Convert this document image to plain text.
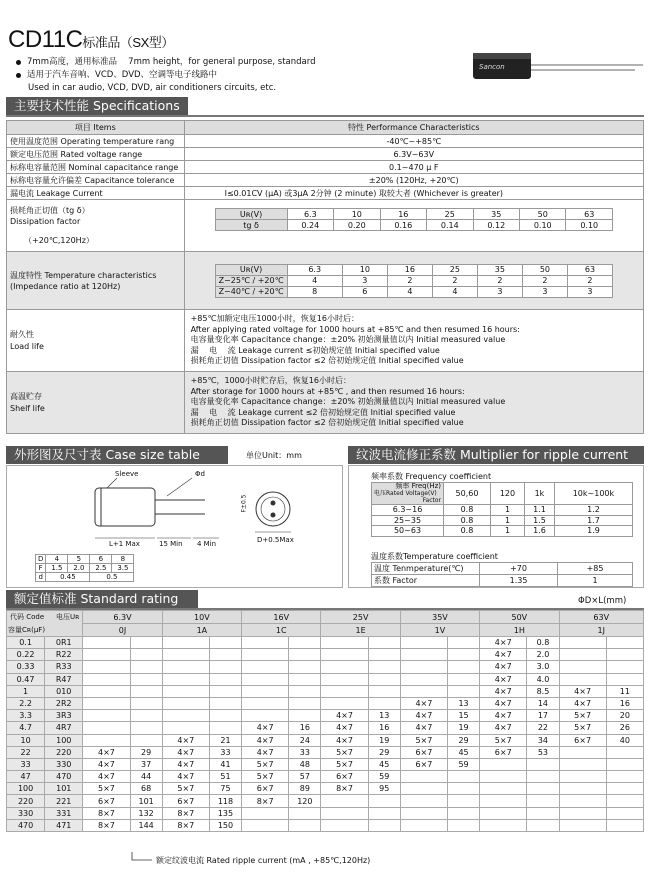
CD11C标准品（SX型）
7mm高度，通用标准品　 7mm height，for general purpose, standard
适用于汽车音响、VCD、DVD、空调等电子线路中
Used in car audio, VCD, DVD, air conditioners circuits, etc.
Sancon
主要技术性能 Specifications
项目 Items	特性 Performance Characteristics
使用温度范围 Operating temperature rang	-40℃~+85℃
额定电压范围 Rated voltage range	6.3V~63V
标称电容量范围 Nominal capacitance range	0.1~470 μ F
标称电容量允许偏差 Capacitance tolerance	±20% (120Hz, +20℃)
漏电流 Leakage Current	I≤0.01CV (μA) 或3μA 2分钟 (2 minute) 取较大者 (Whichever is greater)

损耗角正切值（tg δ）
Dissipation factor
（+20℃,120Hz）

Uʀ(V)	6.3	10	16	25	35	50	63
tg δ	0.24	0.20	0.16	0.14	0.12	0.10	0.10

温度特性 Temperature characteristics
(Impedance ratio at 120Hz)

Uʀ(V)	6.3	10	16	25	35	50	63
Z−25℃ / +20℃	4	3	2	2	2	2	2
Z−40℃ / +20℃	8	6	4	4	3	3	3

耐久性
Load life

+85℃加额定电压1000小时，恢复16小时后：
After applying rated voltage for 1000 hours at +85℃ and then resumed 16 hours:
电容量变化率 Capacitance change：±20% 初始测量值以内 Initial measured value
漏　 电　 流 Leakage current ≤初始规定值 Initial specified value
损耗角正切值 Dissipation factor ≤2 倍初始规定值 Initial specified value

高温贮存
Shelf life

+85℃，1000小时贮存后，恢复16小时后：
After storage for 1000 hours at +85℃ , and then resumed 16 hours:
电容量变化率 Capacitance change：±20% 初始测量值以内 Initial measured value
漏　 电　 流 Leakage current ≤2 倍初始规定值 Initial specified value
损耗角正切值 Dissipation factor ≤2 倍初始规定值 Initial specified value
外形图及尺寸表 Case size table	单位Unit：mm
Sleeve	Φd
L+1 Max	15 Min 4 Min	D+0.5Max
F±0.5
D	4	5	6	8
F	1.5	2.0	2.5	3.5
d	0.45		0.5	
纹波电流修正系数 Multiplier for ripple current
频率系数 Frequency coefficient
频率 Freq(Hz)
电压Rated Voltage(V)
Factor	50,60	120	1k	10k~100k

6.3~16	0.8	1	1.1	1.2
25~35	0.8	1	1.5	1.7
50~63	0.8	1	1.6	1.9
温度系数Temperature coefficient
温度 Tenmperature(℃)	+70	+85
系数 Factor	1.35	1
额定值标准 Standard rating	ΦD×L(mm)
代码 Code 电压Uʀ
容量Cʀ(μF)		6.3V		10V		16V		25V		35V		50V		63V	
		0J		1A		1C		1E		1V		1H		1J	
0.1	0R1											4×7	0.8		
0.22	R22											4×7	2.0		
0.33	R33											4×7	3.0		
0.47	R47											4×7	4.0		
1	010											4×7	8.5	4×7	11
2.2	2R2									4×7	13	4×7	14	4×7	16
3.3	3R3							4×7	13	4×7	15	4×7	17	5×7	20
4.7	4R7					4×7	16	4×7	16	4×7	19	4×7	22	5×7	26
10	100			4×7	21	4×7	24	4×7	19	5×7	29	5×7	34	6×7	40
22	220	4×7	29	4×7	33	4×7	33	5×7	29	6×7	45	6×7	53		
33	330	4×7	37	4×7	41	5×7	48	5×7	45	6×7	59				
47	470	4×7	44	4×7	51	5×7	57	6×7	59						
100	101	5×7	68	5×7	75	6×7	89	8×7	95						
220	221	6×7	101	6×7	118	8×7	120								
330	331	8×7	132	8×7	135										
470	471	8×7	144	8×7	150										
额定纹波电流 Rated ripple current (mA , +85℃,120Hz)
